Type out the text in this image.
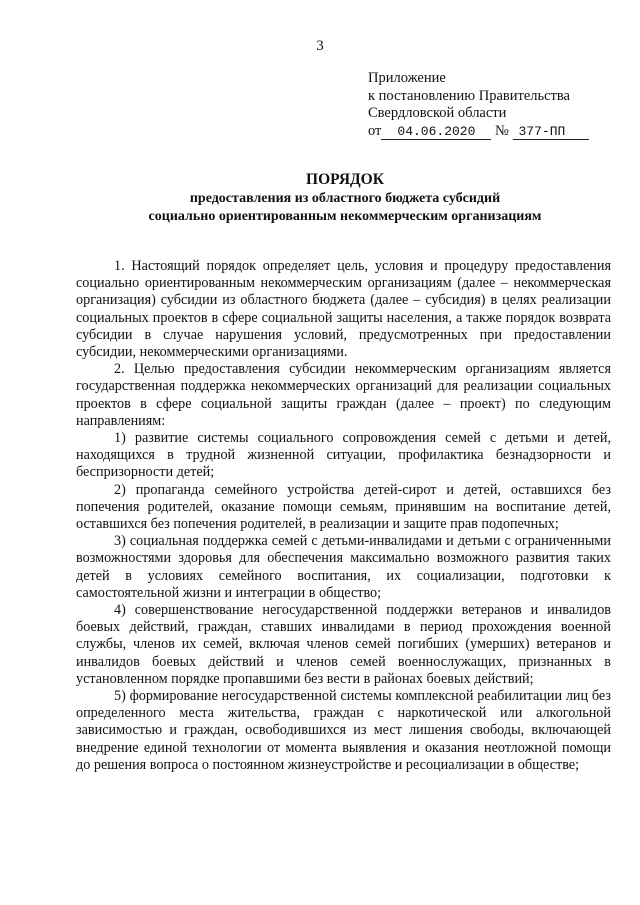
3
Приложение
к постановлению Правительства
Свердловской области
от 04.06.2020 № 377-ПП
ПОРЯДОК
предоставления из областного бюджета субсидий
социально ориентированным некоммерческим организациям

1. Настоящий порядок определяет цель, условия и процедуру предоставления социально ориентированным некоммерческим организациям (далее – некоммерческая организация) субсидии из областного бюджета (далее – субсидия) в целях реализации социальных проектов в сфере социальной защиты населения, а также порядок возврата субсидии в случае нарушения условий, предусмотренных при предоставлении субсидии, некоммерческими организациями.

2. Целью предоставления субсидии некоммерческим организациям является государственная поддержка некоммерческих организаций для реализации социальных проектов в сфере социальной защиты граждан (далее – проект) по следующим направлениям:

1) развитие системы социального сопровождения семей с детьми и детей, находящихся в трудной жизненной ситуации, профилактика безнадзорности и беспризорности детей;

2) пропаганда семейного устройства детей-сирот и детей, оставшихся без попечения родителей, оказание помощи семьям, принявшим на воспитание детей, оставшихся без попечения родителей, в реализации и защите прав подопечных;

3) социальная поддержка семей с детьми-инвалидами и детьми с ограниченными возможностями здоровья для обеспечения максимально возможного развития таких детей в условиях семейного воспитания, их социализации, подготовки к самостоятельной жизни и интеграции в общество;

4) совершенствование негосударственной поддержки ветеранов и инвалидов боевых действий, граждан, ставших инвалидами в период прохождения военной службы, членов их семей, включая членов семей погибших (умерших) ветеранов и инвалидов боевых действий и членов семей военнослужащих, признанных в установленном порядке пропавшими без вести в районах боевых действий;

5) формирование негосударственной системы комплексной реабилитации лиц без определенного места жительства, граждан с наркотической или алкогольной зависимостью и граждан, освободившихся из мест лишения свободы, включающей внедрение единой технологии от момента выявления и оказания неотложной помощи до решения вопроса о постоянном жизнеустройстве и ресоциализации в обществе;
